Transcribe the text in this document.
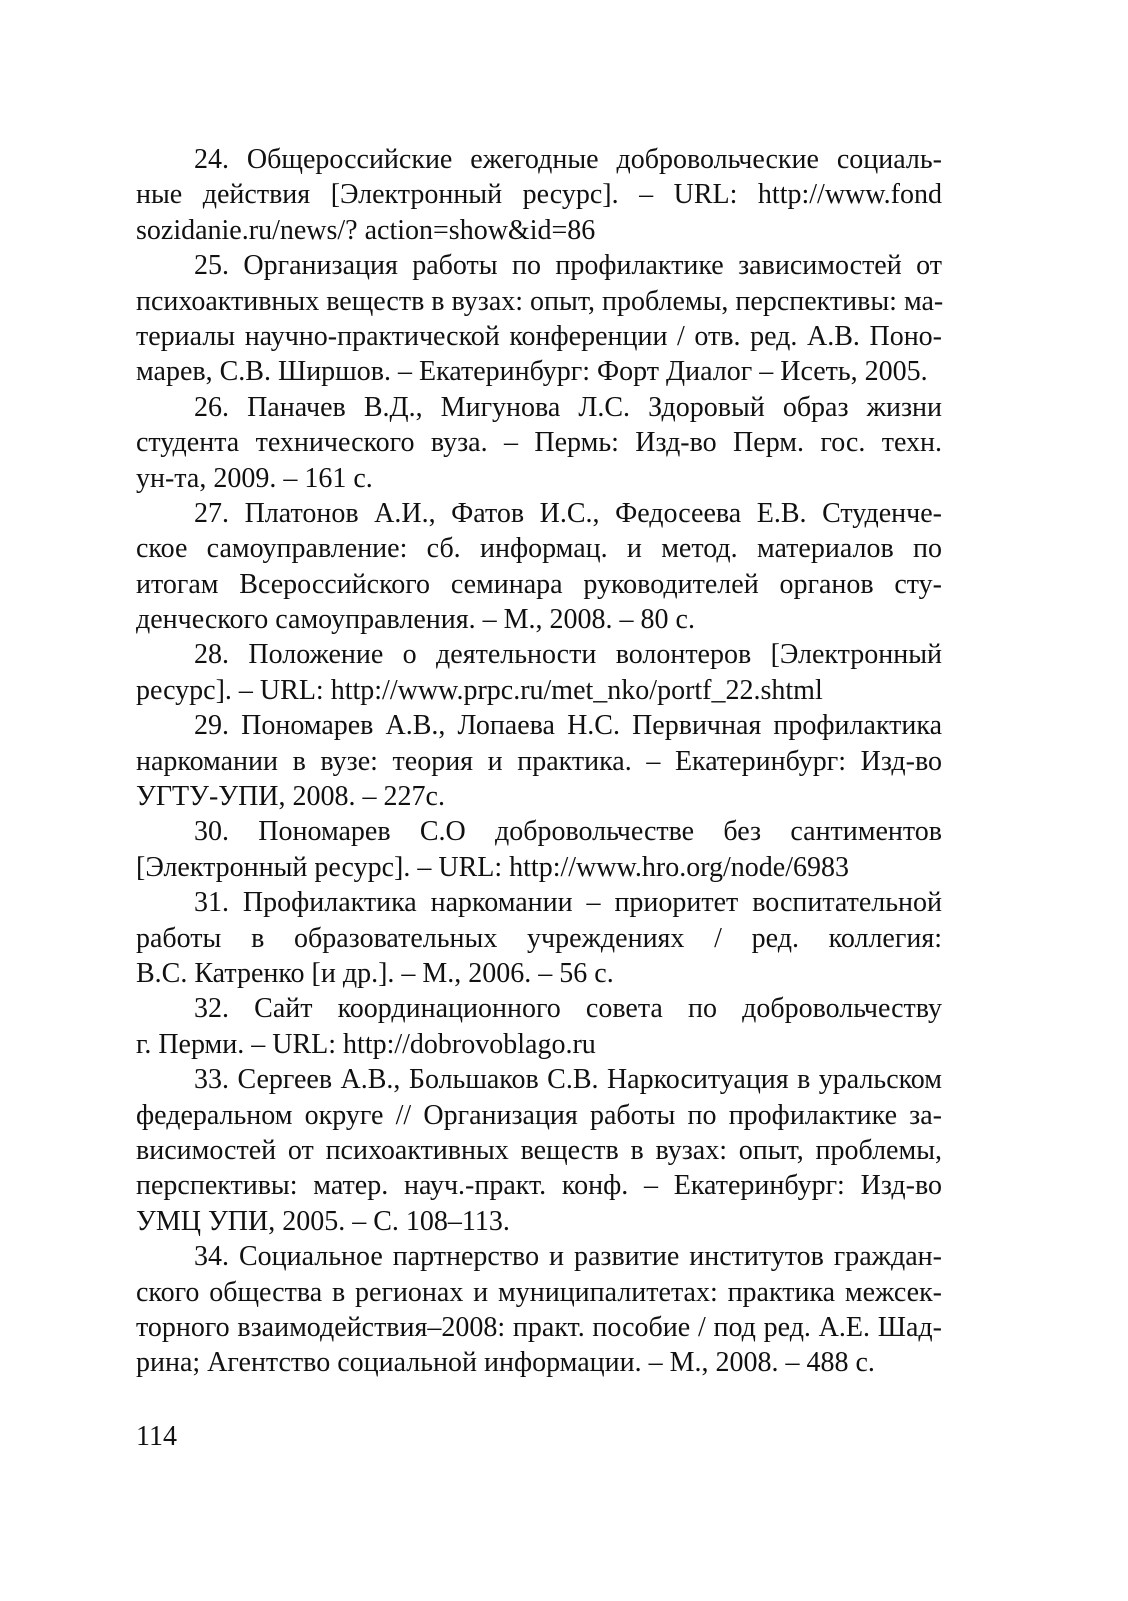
24. Общероссийские ежегодные добровольческие социаль-
ные действия [Электронный ресурс]. – URL: http://www.fond
sozidanie.ru/news/? action=show&id=86
25. Организация работы по профилактике зависимостей от
психоактивных веществ в вузах: опыт, проблемы, перспективы: ма-
териалы научно-практической конференции / отв. ред. А.В. Поно-
марев, С.В. Ширшов. – Екатеринбург: Форт Диалог – Исеть, 2005.
26. Паначев В.Д., Мигунова Л.С. Здоровый образ жизни
студента технического вуза. – Пермь: Изд-во Перм. гос. техн.
ун-та, 2009. – 161 с.
27. Платонов А.И., Фатов И.С., Федосеева Е.В. Студенче-
ское самоуправление: сб. информац. и метод. материалов по
итогам Всероссийского семинара руководителей органов сту-
денческого самоуправления. – М., 2008. – 80 с.
28. Положение о деятельности волонтеров [Электронный
ресурс]. – URL: http://www.prpc.ru/met_nko/portf_22.shtml
29. Пономарев А.В., Лопаева Н.С. Первичная профилактика
наркомании в вузе: теория и практика. – Екатеринбург: Изд-во
УГТУ-УПИ, 2008. – 227с.
30. Пономарев С.О добровольчестве без сантиментов
[Электронный ресурс]. – URL: http://www.hro.org/node/6983
31. Профилактика наркомании – приоритет воспитательной
работы в образовательных учреждениях / ред. коллегия:
В.С. Катренко [и др.]. – М., 2006. – 56 с.
32. Сайт координационного совета по добровольчеству
г. Перми. – URL: http://dobrovoblago.ru
33. Сергеев А.В., Большаков С.В. Наркоситуация в уральском
федеральном округе // Организация работы по профилактике за-
висимостей от психоактивных веществ в вузах: опыт, проблемы,
перспективы: матер. науч.-практ. конф. – Екатеринбург: Изд-во
УМЦ УПИ, 2005. – С. 108–113.
34. Социальное партнерство и развитие институтов граждан-
ского общества в регионах и муниципалитетах: практика межсек-
торного взаимодействия–2008: практ. пособие / под ред. А.Е. Шад-
рина; Агентство социальной информации. – М., 2008. – 488 с.
114
